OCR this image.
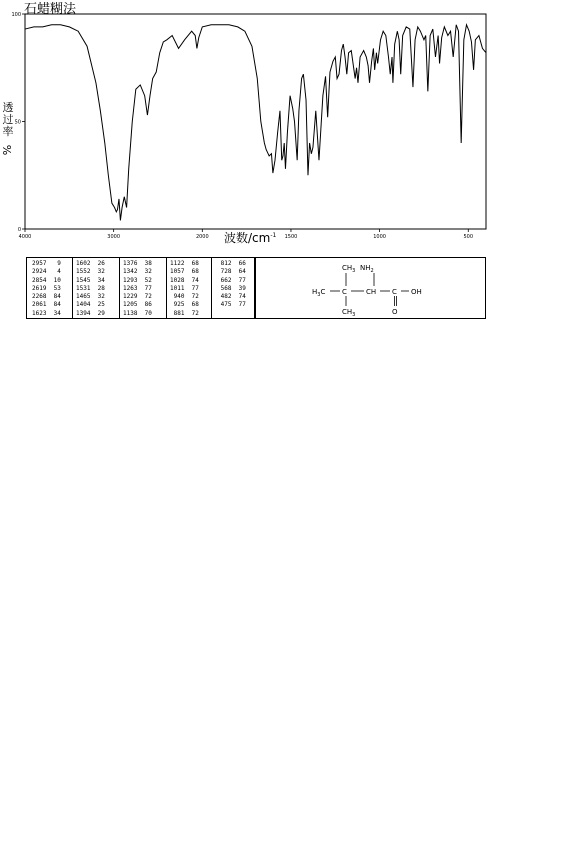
石蜡糊法
透
过
率
%
4000	3000	2000	1500	1000	500
100
50
0
波数$/cm^{-1}$
2957   9
2924   4
2854  10
2619  53
2268  84
2061  84
1623  34
1602  26
1552  32
1545  34
1531  28
1465  32
1404  25
1394  29
1376  38
1342  32
1293  52
1263  77
1229  72
1205  86
1138  70
1122  68
1057  68
1028  74
1011  77
940  72
925  68
881  72
812  66
728  64
662  77
568  39
482  74
475  77
$CH_3$ $NH_2$
$H_3C$ C	CH C OH
$CH_3$	O
